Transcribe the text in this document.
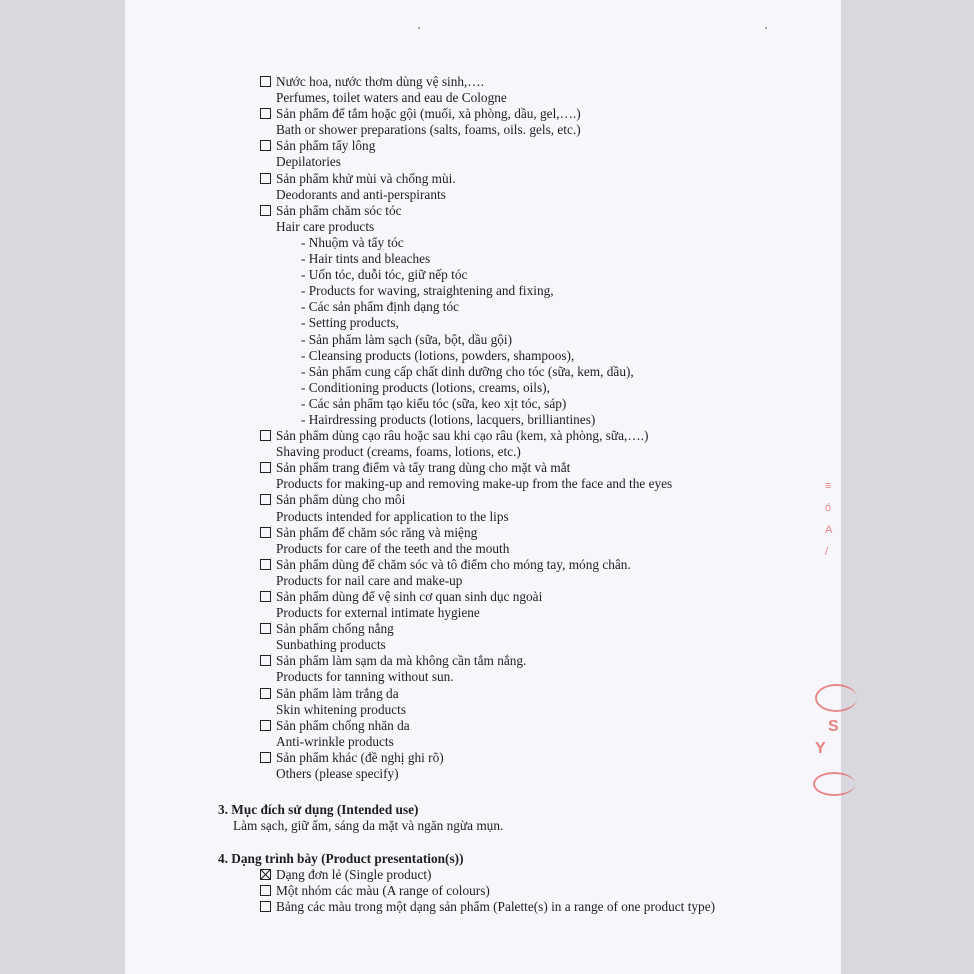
Nước hoa, nước thơm dùng vệ sinh,….
Perfumes, toilet waters and eau de Cologne
Sản phẩm để tắm hoặc gội (muối, xà phòng, dầu, gel,….)
Bath or shower preparations (salts, foams, oils. gels, etc.)
Sản phẩm tẩy lông
Depilatories
Sản phẩm khử mùi và chống mùi.
Deodorants and anti-perspirants
Sản phẩm chăm sóc tóc
Hair care products
- Nhuộm và tẩy tóc
- Hair tints and bleaches
- Uốn tóc, duỗi tóc, giữ nếp tóc
- Products for waving, straightening and fixing,
- Các sản phẩm định dạng tóc
- Setting products,
- Sản phẩm làm sạch (sữa, bột, dầu gội)
- Cleansing products (lotions, powders, shampoos),
- Sản phẩm cung cấp chất dinh dưỡng cho tóc (sữa, kem, dầu),
- Conditioning products (lotions, creams, oils),
- Các sản phẩm tạo kiểu tóc (sữa, keo xịt tóc, sáp)
- Hairdressing products (lotions, lacquers, brilliantines)
Sản phẩm dùng cạo râu hoặc sau khi cạo râu (kem, xà phòng, sữa,….)
Shaving product (creams, foams, lotions, etc.)
Sản phẩm trang điểm và tẩy trang dùng cho mặt và mắt
Products for making-up and removing make-up from the face and the eyes
Sản phẩm dùng cho môi
Products intended for application to the lips
Sản phẩm để chăm sóc răng và miệng
Products for care of the teeth and the mouth
Sản phẩm dùng để chăm sóc và tô điểm cho móng tay, móng chân.
Products for nail care and make-up
Sản phẩm dùng để vệ sinh cơ quan sinh dục ngoài
Products for external intimate hygiene
Sản phẩm chống nắng
Sunbathing products
Sản phẩm làm sạm da mà không cần tắm nắng.
Products for tanning without sun.
Sản phẩm làm trắng da
Skin whitening products
Sản phẩm chống nhăn da
Anti-wrinkle products
Sản phẩm khác (đề nghị ghi rõ)
Others (please specify)
3. Mục đích sử dụng (Intended use)
Làm sạch, giữ ẩm, sáng da mặt và ngăn ngừa mụn.
4. Dạng trình bày (Product presentation(s))
Dạng đơn lẻ (Single product)
Một nhóm các màu (A range of colours)
Bảng các màu trong một dạng sản phẩm (Palette(s) in a range of one product type)
≡
ó
A
/
S
Y
